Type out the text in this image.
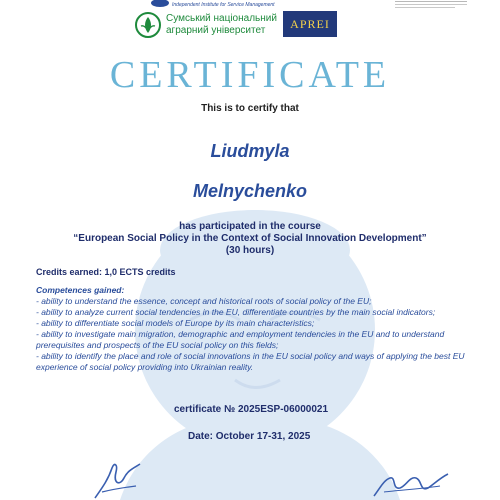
Independent Institute for Service Management
Сумський національний аграрний університет	APREI
CERTIFICATE
This is to certify that
Liudmyla
Melnychenko
has participated in the course
“European Social Policy in the Context of Social Innovation Development”
(30 hours)
Credits earned: 1,0 ECTS credits
Competences gained:
- ability to understand the essence, concept and historical roots of social policy of the EU;
- ability to analyze current social tendencies in the EU, differentiate countries by the main social indicators;
- ability to differentiate social models of Europe by its main characteristics;
- ability to investigate main migration, demographic and employment tendencies in the EU and to understand prerequisites and prospects of the EU social policy on this fields;
- ability to identify the place and role of social innovations in the EU social policy and ways of applying the best EU experience of social policy providing into Ukrainian reality.
certificate № 2025ESP-06000021
Date: October 17-31, 2025
